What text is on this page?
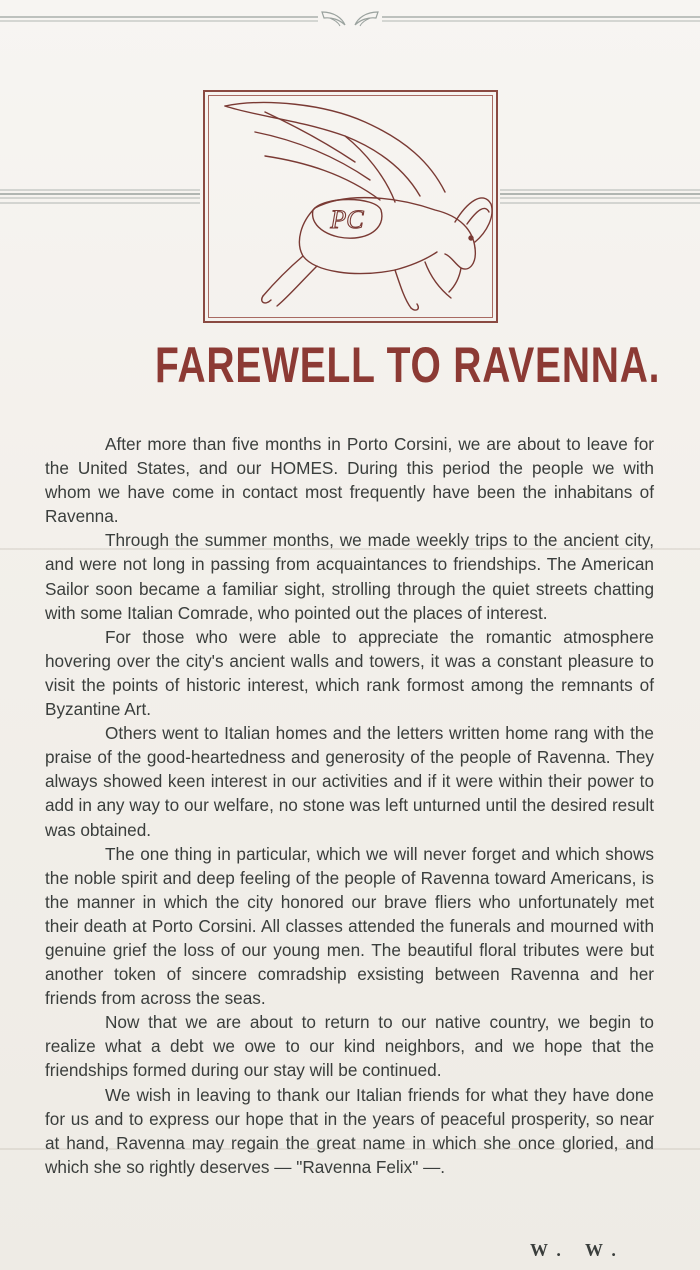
PC
FAREWELL TO RAVENNA.

After more than five months in Porto Corsini, we are about to leave for the United States, and our HOMES. During this period the people we with whom we have come in contact most frequently have been the inhabitans of Ravenna.

Through the summer months, we made weekly trips to the ancient city, and were not long in passing from acquaintances to friendships. The American Sailor soon became a familiar sight, strolling through the quiet streets chatting with some Italian Comrade, who pointed out the places of interest.

For those who were able to appreciate the romantic atmosphere hovering over the city's ancient walls and towers, it was a constant pleasure to visit the points of historic interest, which rank formost among the remnants of Byzantine Art.

Others went to Italian homes and the letters written home rang with the praise of the good-heartedness and generosity of the people of Ravenna. They always showed keen interest in our activities and if it were within their power to add in any way to our welfare, no stone was left unturned until the desired result was obtained.

The one thing in particular, which we will never forget and which shows the noble spirit and deep feeling of the people of Ravenna toward Americans, is the manner in which the city honored our brave fliers who unfortunately met their death at Porto Corsini. All classes attended the funerals and mourned with genuine grief the loss of our young men. The beautiful floral tributes were but another token of sincere comradship exsisting between Ravenna and her friends from across the seas.

Now that we are about to return to our native country, we begin to realize what a debt we owe to our kind neighbors, and we hope that the friendships formed during our stay will be continued.

We wish in leaving to thank our Italian friends for what they have done for us and to express our hope that in the years of peaceful prosperity, so near at hand, Ravenna may regain the great name in which she once gloried, and which she so rightly deserves — "Ravenna Felix" —.

W. W.
